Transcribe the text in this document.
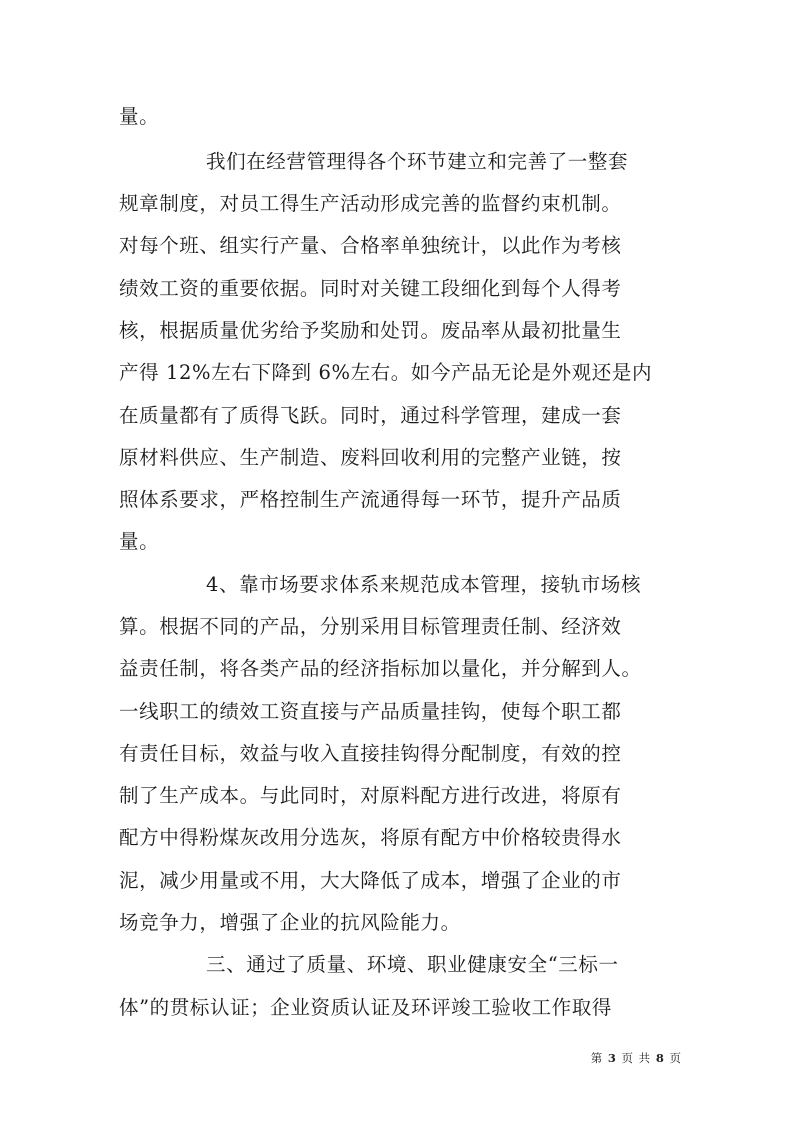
量。
我们在经营管理得各个环节建立和完善了一整套
规章制度，对员工得生产活动形成完善的监督约束机制。
对每个班、组实行产量、合格率单独统计，以此作为考核
绩效工资的重要依据。同时对关键工段细化到每个人得考
核，根据质量优劣给予奖励和处罚。废品率从最初批量生
产得 12%左右下降到 6%左右。如今产品无论是外观还是内
在质量都有了质得飞跃。同时，通过科学管理，建成一套
原材料供应、生产制造、废料回收利用的完整产业链，按
照体系要求，严格控制生产流通得每一环节，提升产品质
量。
4、靠市场要求体系来规范成本管理，接轨市场核
算。根据不同的产品，分别采用目标管理责任制、经济效
益责任制，将各类产品的经济指标加以量化，并分解到人。
一线职工的绩效工资直接与产品质量挂钩，使每个职工都
有责任目标，效益与收入直接挂钩得分配制度，有效的控
制了生产成本。与此同时，对原料配方进行改进，将原有
配方中得粉煤灰改用分选灰，将原有配方中价格较贵得水
泥，减少用量或不用，大大降低了成本，增强了企业的市
场竞争力，增强了企业的抗风险能力。
三、通过了质量、环境、职业健康安全“三标一
体”的贯标认证；企业资质认证及环评竣工验收工作取得
第 3 页 共 8 页
